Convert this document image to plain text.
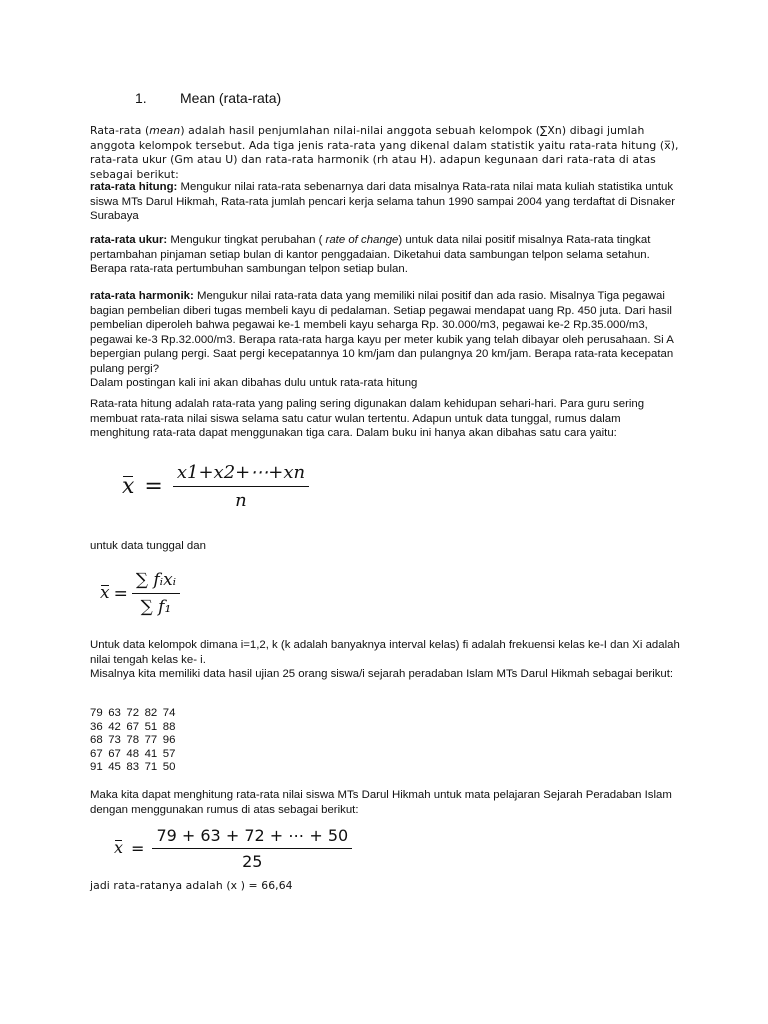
1. Mean (rata-rata)
Rata-rata (mean) adalah hasil penjumlahan nilai-nilai anggota sebuah kelompok (∑Xn) dibagi jumlah anggota kelompok tersebut. Ada tiga jenis rata-rata yang dikenal dalam statistik yaitu rata-rata hitung (x̅), rata-rata ukur (Gm atau U) dan rata-rata harmonik (rh atau H). adapun kegunaan dari rata-rata di atas sebagai berikut:
rata-rata hitung: Mengukur nilai rata-rata sebenarnya dari data misalnya Rata-rata nilai mata kuliah statistika untuk siswa MTs Darul Hikmah, Rata-rata jumlah pencari kerja selama tahun 1990 sampai 2004 yang terdaftat di Disnaker Surabaya
rata-rata ukur: Mengukur tingkat perubahan ( rate of change) untuk data nilai positif misalnya Rata-rata tingkat pertambahan pinjaman setiap bulan di kantor penggadaian. Diketahui data sambungan telpon selama setahun. Berapa rata-rata pertumbuhan sambungan telpon setiap bulan.
rata-rata harmonik: Mengukur nilai rata-rata data yang memiliki nilai positif dan ada rasio. Misalnya Tiga pegawai bagian pembelian diberi tugas membeli kayu di pedalaman. Setiap pegawai mendapat uang Rp. 450 juta. Dari hasil pembelian diperoleh bahwa pegawai ke-1 membeli kayu seharga Rp. 30.000/m3, pegawai ke-2 Rp.35.000/m3, pegawai ke-3 Rp.32.000/m3. Berapa rata-rata harga kayu per meter kubik yang telah dibayar oleh perusahaan. Si A bepergian pulang pergi. Saat pergi kecepatannya 10 km/jam dan pulangnya 20 km/jam. Berapa rata-rata kecepatan pulang pergi?
Dalam postingan kali ini akan dibahas dulu untuk rata-rata hitung
Rata-rata hitung adalah rata-rata yang paling sering digunakan dalam kehidupan sehari-hari. Para guru sering membuat rata-rata nilai siswa selama satu catur wulan tertentu. Adapun untuk data tunggal, rumus dalam menghitung rata-rata dapat menggunakan tiga cara. Dalam buku ini hanya akan dibahas satu cara yaitu:
$x = \frac{x1+x2+\cdots+xn}{n}$
untuk data tunggal dan
$x = \frac{\text{∑ fᵢxᵢ}}{\text{∑ f₁}}$
Untuk data kelompok dimana i=1,2, k (k adalah banyaknya interval kelas) fi adalah frekuensi kelas ke-I dan Xi adalah nilai tengah kelas ke- i.
Misalnya kita memiliki data hasil ujian 25 orang siswa/i sejarah peradaban Islam MTs Darul Hikmah sebagai berikut:
79 63 72 82 74
36 42 67 51 88
68 73 78 77 96
67 67 48 41 57
91 45 83 71 50
Maka kita dapat menghitung rata-rata nilai siswa MTs Darul Hikmah untuk mata pelajaran Sejarah Peradaban Islam dengan menggunakan rumus di atas sebagai berikut:
$x = \frac{79 + 63 + 72 + \cdots + 50}{25}$
jadi rata-ratanya adalah (x ) = 66,64
